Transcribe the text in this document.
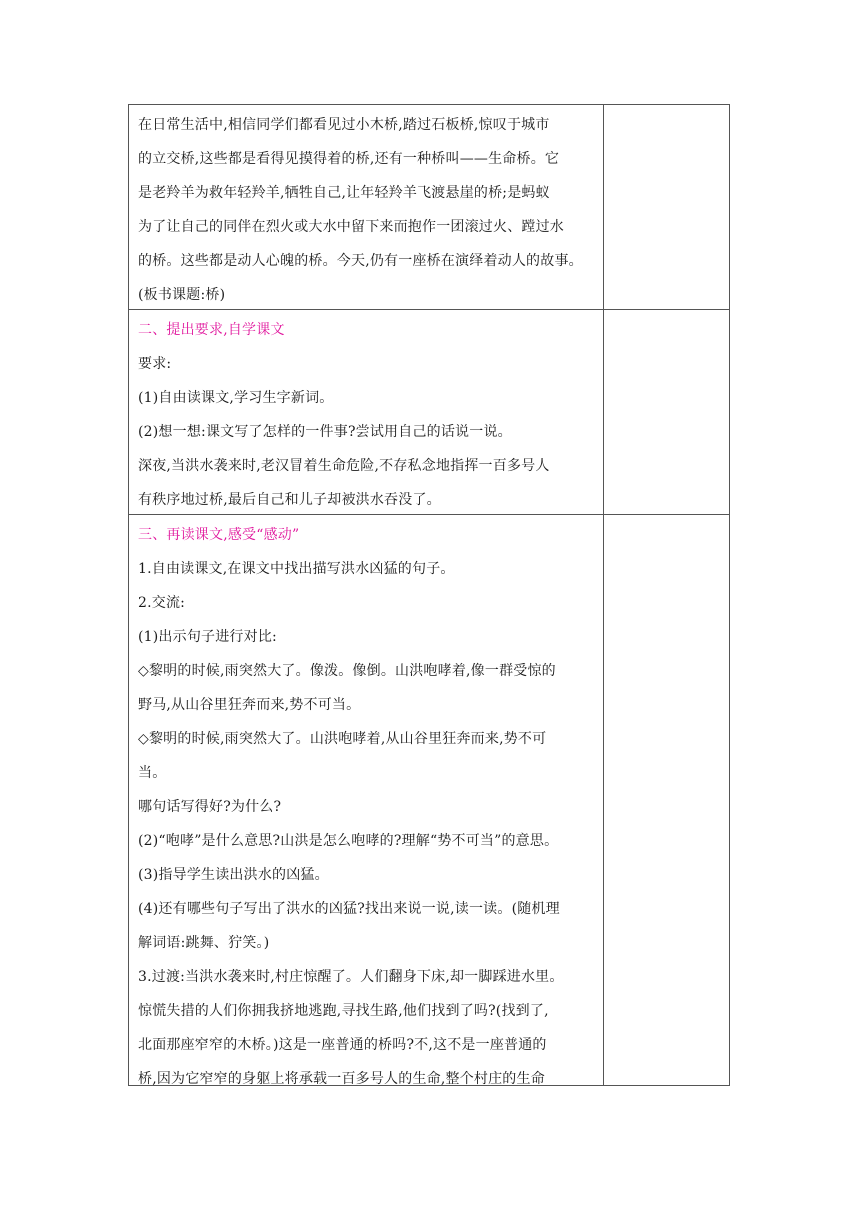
在日常生活中,相信同学们都看见过小木桥,踏过石板桥,惊叹于城市
的立交桥,这些都是看得见摸得着的桥,还有一种桥叫——生命桥。它
是老羚羊为救年轻羚羊,牺牲自己,让年轻羚羊飞渡悬崖的桥;是蚂蚁
为了让自己的同伴在烈火或大水中留下来而抱作一团滚过火、蹚过水
的桥。这些都是动人心魄的桥。今天,仍有一座桥在演绎着动人的故事。
(板书课题:桥)
二、提出要求,自学课文
要求:
(1)自由读课文,学习生字新词。
(2)想一想:课文写了怎样的一件事?尝试用自己的话说一说。
深夜,当洪水袭来时,老汉冒着生命危险,不存私念地指挥一百多号人
有秩序地过桥,最后自己和儿子却被洪水吞没了。
三、再读课文,感受“感动”
1.自由读课文,在课文中找出描写洪水凶猛的句子。
2.交流:
(1)出示句子进行对比:
◇黎明的时候,雨突然大了。像泼。像倒。山洪咆哮着,像一群受惊的
野马,从山谷里狂奔而来,势不可当。
◇黎明的时候,雨突然大了。山洪咆哮着,从山谷里狂奔而来,势不可
当。
哪句话写得好?为什么?
(2)“咆哮”是什么意思?山洪是怎么咆哮的?理解“势不可当”的意思。
(3)指导学生读出洪水的凶猛。
(4)还有哪些句子写出了洪水的凶猛?找出来说一说,读一读。(随机理
解词语:跳舞、狞笑。)
3.过渡:当洪水袭来时,村庄惊醒了。人们翻身下床,却一脚踩进水里。
惊慌失措的人们你拥我挤地逃跑,寻找生路,他们找到了吗?(找到了,
北面那座窄窄的木桥。)这是一座普通的桥吗?不,这不是一座普通的
桥,因为它窄窄的身躯上将承载一百多号人的生命,整个村庄的生命
